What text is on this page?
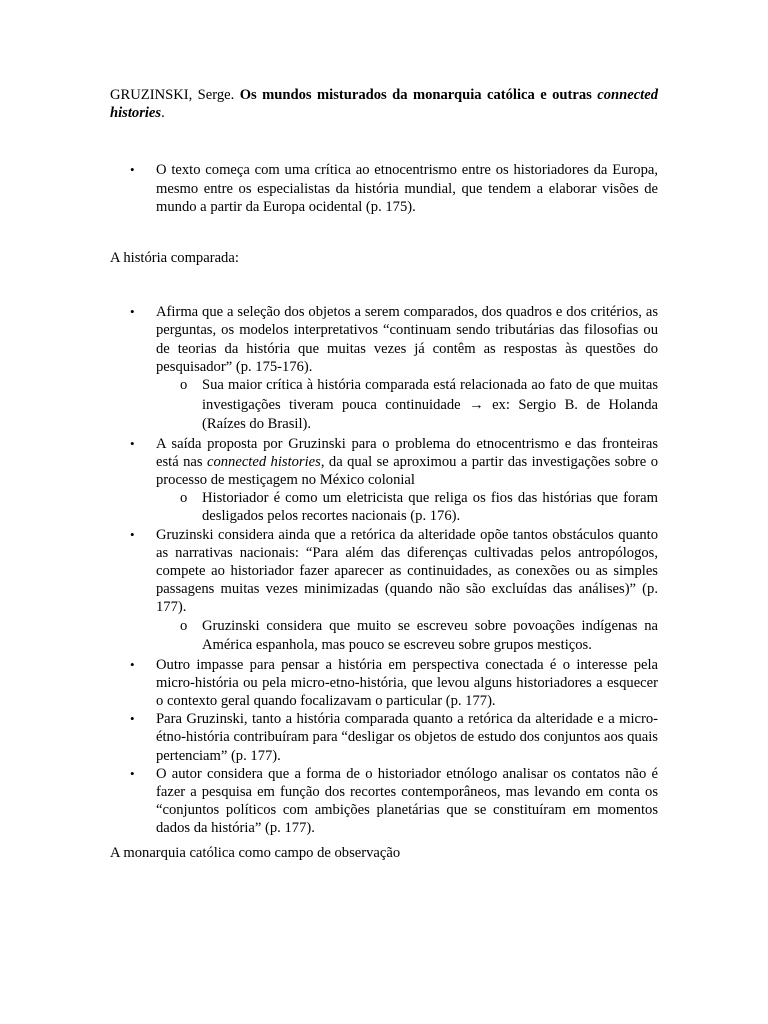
GRUZINSKI, Serge. Os mundos misturados da monarquia católica e outras connected histories.

• O texto começa com uma crítica ao etnocentrismo entre os historiadores da Europa, mesmo entre os especialistas da história mundial, que tendem a elaborar visões de mundo a partir da Europa ocidental (p. 175).

A história comparada:

• Afirma que a seleção dos objetos a serem comparados, dos quadros e dos critérios, as perguntas, os modelos interpretativos “continuam sendo tributárias das filosofias ou de teorias da história que muitas vezes já contêm as respostas às questões do pesquisador” (p. 175-176).
o Sua maior crítica à história comparada está relacionada ao fato de que muitas investigações tiveram pouca continuidade → ex: Sergio B. de Holanda (Raízes do Brasil).
• A saída proposta por Gruzinski para o problema do etnocentrismo e das fronteiras está nas connected histories, da qual se aproximou a partir das investigações sobre o processo de mestiçagem no México colonial
o Historiador é como um eletricista que religa os fios das histórias que foram desligados pelos recortes nacionais (p. 176).
• Gruzinski considera ainda que a retórica da alteridade opõe tantos obstáculos quanto as narrativas nacionais: “Para além das diferenças cultivadas pelos antropólogos, compete ao historiador fazer aparecer as continuidades, as conexões ou as simples passagens muitas vezes minimizadas (quando não são excluídas das análises)” (p. 177).
o Gruzinski considera que muito se escreveu sobre povoações indígenas na América espanhola, mas pouco se escreveu sobre grupos mestiços.
• Outro impasse para pensar a história em perspectiva conectada é o interesse pela micro-história ou pela micro-etno-história, que levou alguns historiadores a esquecer o contexto geral quando focalizavam o particular (p. 177).
• Para Gruzinski, tanto a história comparada quanto a retórica da alteridade e a micro-étno-história contribuíram para “desligar os objetos de estudo dos conjuntos aos quais pertenciam” (p. 177).
• O autor considera que a forma de o historiador etnólogo analisar os contatos não é fazer a pesquisa em função dos recortes contemporâneos, mas levando em conta os “conjuntos políticos com ambições planetárias que se constituíram em momentos dados da história” (p. 177).

A monarquia católica como campo de observação
